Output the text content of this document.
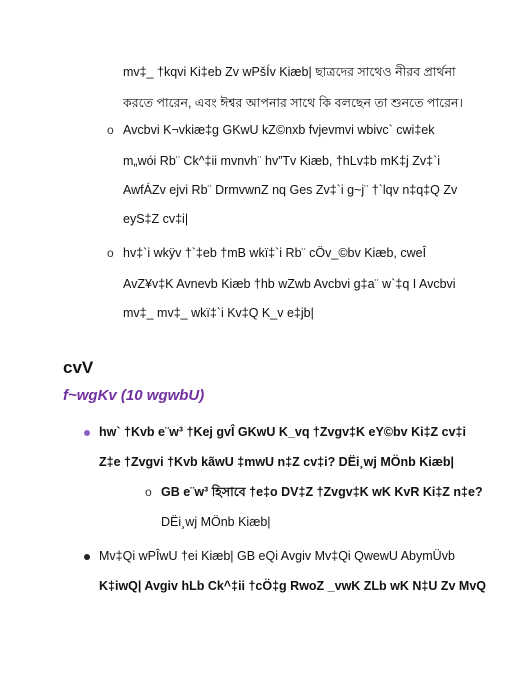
mv‡_ †kqvi Ki‡eb Zv wPšÍv Kiæb| ছাত্রদের সাথেও নীরব প্রার্থনা
করতে পারেন, এবং ঈশ্বর আপনার সাথে কি বলছেন তা শুনতে পারেন।
o Avcbvi K¬vkiæ‡g GKwU kZ©nxb fvjevmvi wbivc` cwi‡ek
m„wói Rb¨ Ck^‡ii mvnvh¨ hv”Tv Kiæb, †hLv‡b mK‡j Zv‡`i
AwfÁZv ejvi Rb¨ DrmvwnZ nq Ges Zv‡`i g~j¨ †`lqv n‡q‡Q Zv
eyS‡Z cv‡i|
o hv‡`i wkÿv †`‡eb †mB wkï‡`i Rb¨ cÖv_©bv Kiæb, cweÎ
AvZ¥v‡K Avnevb Kiæb †hb wZwb Avcbvi g‡a¨ w`‡q I Avcbvi
mv‡_ mv‡_ wkï‡`i Kv‡Q K_v e‡jb|
cvV
f~wgKv (10 wgwbU)
hw` †Kvb e¨w³ †Kej gvÎ GKwU K_vq †Zvgv‡K eY©bv Ki‡Z cv‡i
Z‡e †Zvgvi †Kvb kãwU ‡mwU n‡Z cv‡i? DËi¸wj MÖnb Kiæb|
o GB e¨w³ হিসাবে †e‡o DV‡Z †Zvgv‡K wK KvR Ki‡Z n‡e?
DËi¸wj MÖnb Kiæb|
Mv‡Qi wPÎwU †ei Kiæb| GB eQi Avgiv Mv‡Qi QwewU AbymÜvb
K‡iwQ| Avgiv hLb Ck^‡ii †cÖ‡g RwoZ _vwK ZLb wK N‡U Zv MvQ
